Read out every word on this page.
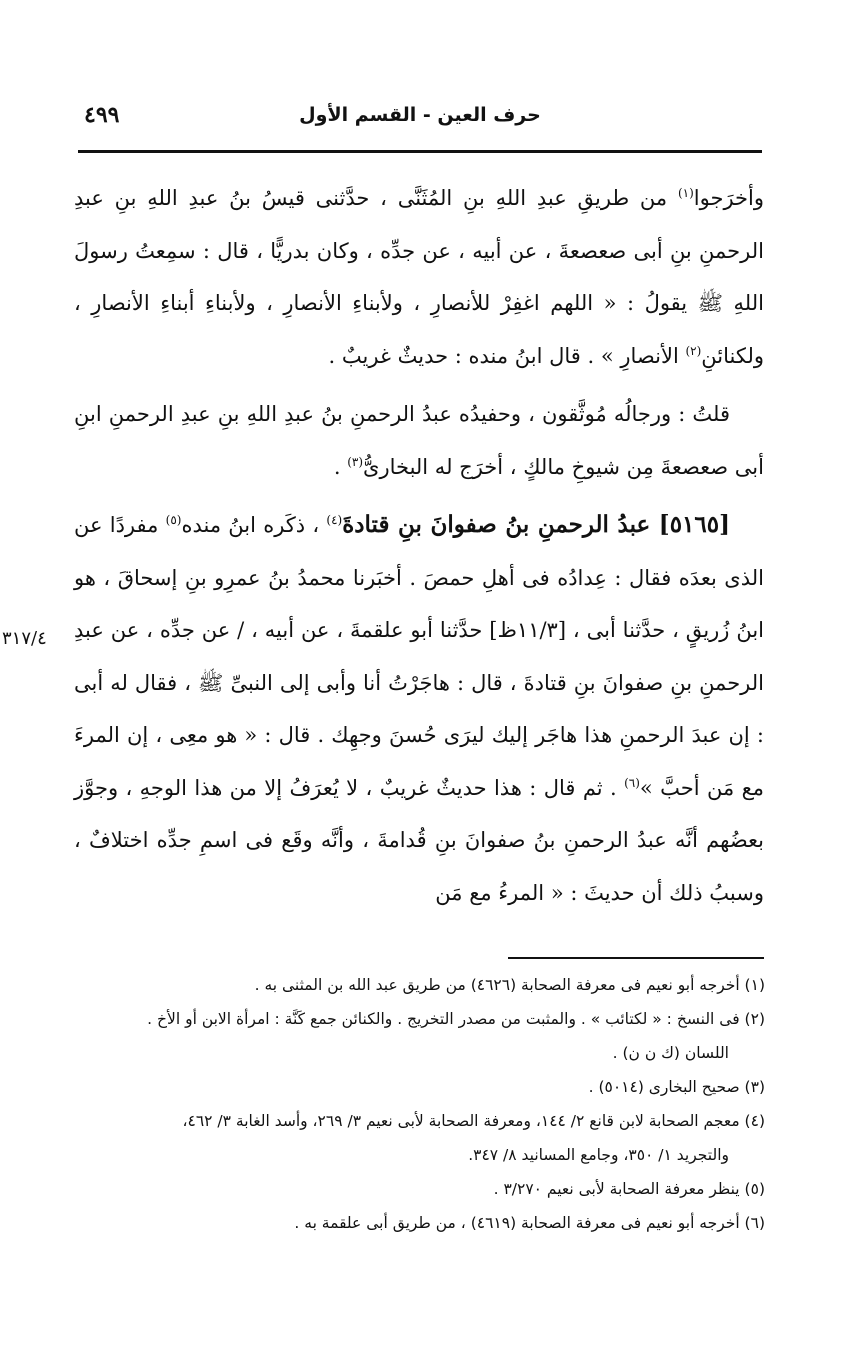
٤٩٩	حرف العين - القسم الأول
٣١٧/٤

وأخرَجوا$^{(١)}$ من طريقِ عبدِ اللهِ بنِ المُثَنَّى ، حدَّثنى قيسُ بنُ عبدِ اللهِ بنِ عبدِ الرحمنِ بنِ أبى صعصعةَ ، عن أبيه ، عن جدِّه ، وكان بدريًّا ، قال : سمِعتُ رسولَ اللهِ ﷺ يقولُ : « اللهم اغفِرْ للأنصارِ ، ولأبناءِ الأنصارِ ، ولأبناءِ أبناءِ الأنصارِ ، ولكنائنِ$^{(٢)}$ الأنصارِ » . قال ابنُ منده : حديثٌ غريبٌ .

قلتُ : ورجالُه مُوثَّقون ، وحفيدُه عبدُ الرحمنِ بنُ عبدِ اللهِ بنِ عبدِ الرحمنِ ابنِ أبى صعصعةَ مِن شيوخِ مالكٍ ، أخرَج له البخارىُّ$^{(٣)}$ .

[٥١٦٥] عبدُ الرحمنِ بنُ صفوانَ بنِ قتادةَ$^{(٤)}$ ، ذكَره ابنُ منده$^{(٥)}$ مفردًا عن الذى بعدَه فقال : عِدادُه فى أهلِ حمصَ . أخبَرنا محمدُ بنُ عمرِو بنِ إسحاقَ ، هو ابنُ زُريقٍ ، حدَّثنا أبى ، [١١/٣ظ] حدَّثنا أبو علقمةَ ، عن أبيه ، / عن جدِّه ، عن عبدِ الرحمنِ بنِ صفوانَ بنِ قتادةَ ، قال : هاجَرْتُ أنا وأبى إلى النبىِّ ﷺ ، فقال له أبى : إن عبدَ الرحمنِ هذا هاجَر إليك ليرَى حُسنَ وجهِك . قال : « هو معِى ، إن المرءَ مع مَن أحبَّ »$^{(٦)}$ . ثم قال : هذا حديثٌ غريبٌ ، لا يُعرَفُ إلا من هذا الوجهِ ، وجوَّز بعضُهم أنَّه عبدُ الرحمنِ بنُ صفوانَ بنِ قُدامةَ ، وأنَّه وقَع فى اسمِ جدِّه اختلافٌ ، وسببُ ذلك أن حديثَ : « المرءُ مع مَن

(١) أخرجه أبو نعيم فى معرفة الصحابة (٤٦٢٦) من طريق عبد الله بن المثنى به .

(٢) فى النسخ : « لكتائب » . والمثبت من مصدر التخريج . والكنائن جمع كَنَّة : امرأة الابن أو الأخ .

اللسان (ك ن ن) .

(٣) صحيح البخارى (٥٠١٤) .

(٤) معجم الصحابة لابن قانع ٢/ ١٤٤، ومعرفة الصحابة لأبى نعيم ٣/ ٢٦٩، وأسد الغابة ٣/ ٤٦٢،

والتجريد ١/ ٣٥٠، وجامع المسانيد ٨/ ٣٤٧.

(٥) ينظر معرفة الصحابة لأبى نعيم ٣/٢٧٠ .

(٦) أخرجه أبو نعيم فى معرفة الصحابة (٤٦١٩) ، من طريق أبى علقمة به .
